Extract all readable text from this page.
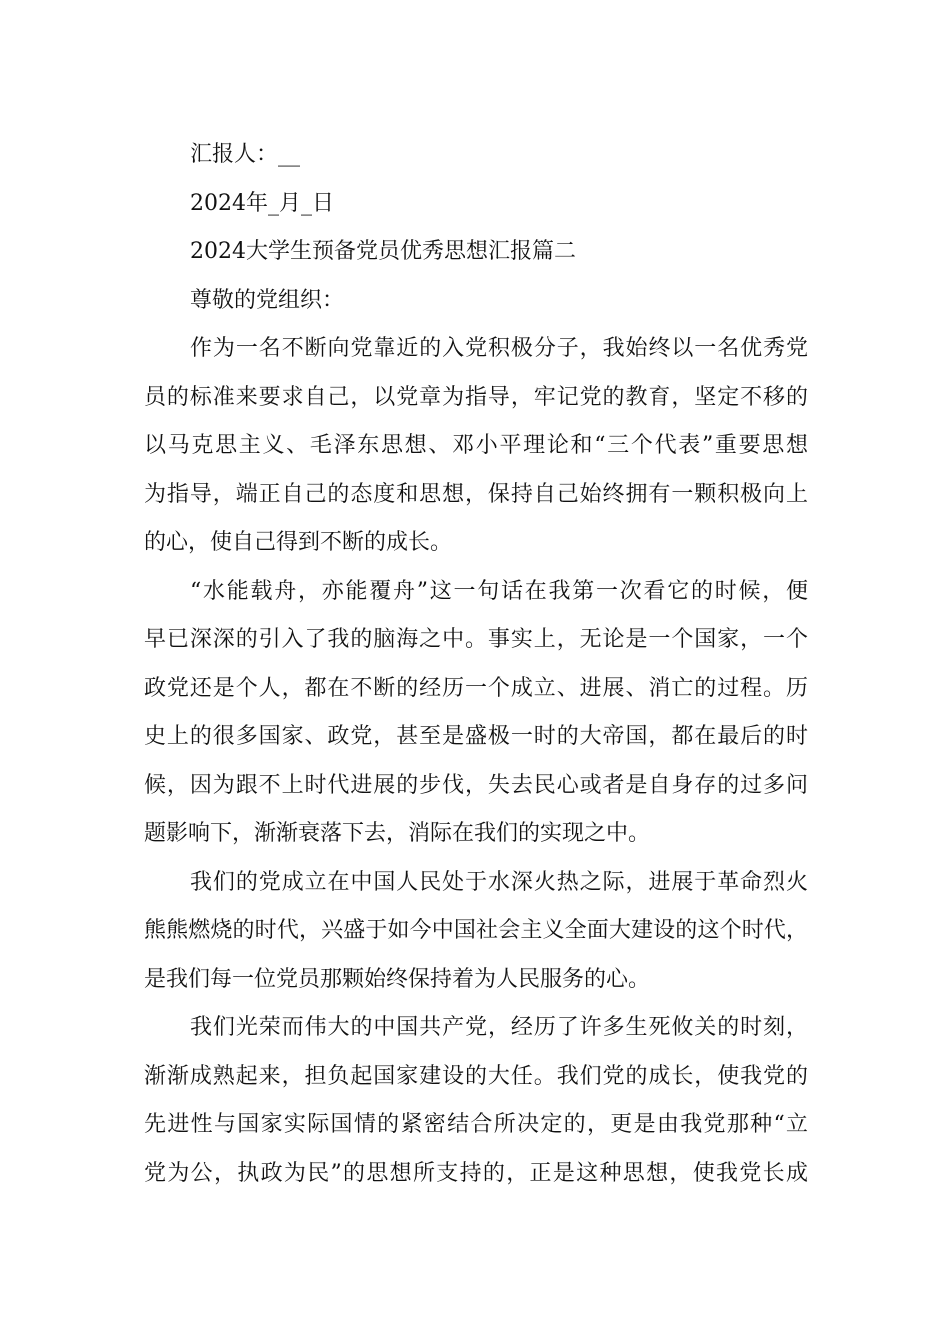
汇报人：__
2024年_月_日
2024大学生预备党员优秀思想汇报篇二
尊敬的党组织：
作为一名不断向党靠近的入党积极分子，我始终以一名优秀党
员的标准来要求自己，以党章为指导，牢记党的教育，坚定不移的
以马克思主义、毛泽东思想、邓小平理论和“三个代表”重要思想
为指导，端正自己的态度和思想，保持自己始终拥有一颗积极向上
的心，使自己得到不断的成长。
“水能载舟，亦能覆舟”这一句话在我第一次看它的时候，便
早已深深的引入了我的脑海之中。事实上，无论是一个国家，一个
政党还是个人，都在不断的经历一个成立、进展、消亡的过程。历
史上的很多国家、政党，甚至是盛极一时的大帝国，都在最后的时
候，因为跟不上时代进展的步伐，失去民心或者是自身存的过多问
题影响下，渐渐衰落下去，消际在我们的实现之中。
我们的党成立在中国人民处于水深火热之际，进展于革命烈火
熊熊燃烧的时代，兴盛于如今中国社会主义全面大建设的这个时代，
是我们每一位党员那颗始终保持着为人民服务的心。
我们光荣而伟大的中国共产党，经历了许多生死攸关的时刻，
渐渐成熟起来，担负起国家建设的大任。我们党的成长，使我党的
先进性与国家实际国情的紧密结合所决定的，更是由我党那种“立
党为公，执政为民”的思想所支持的，正是这种思想，使我党长成
